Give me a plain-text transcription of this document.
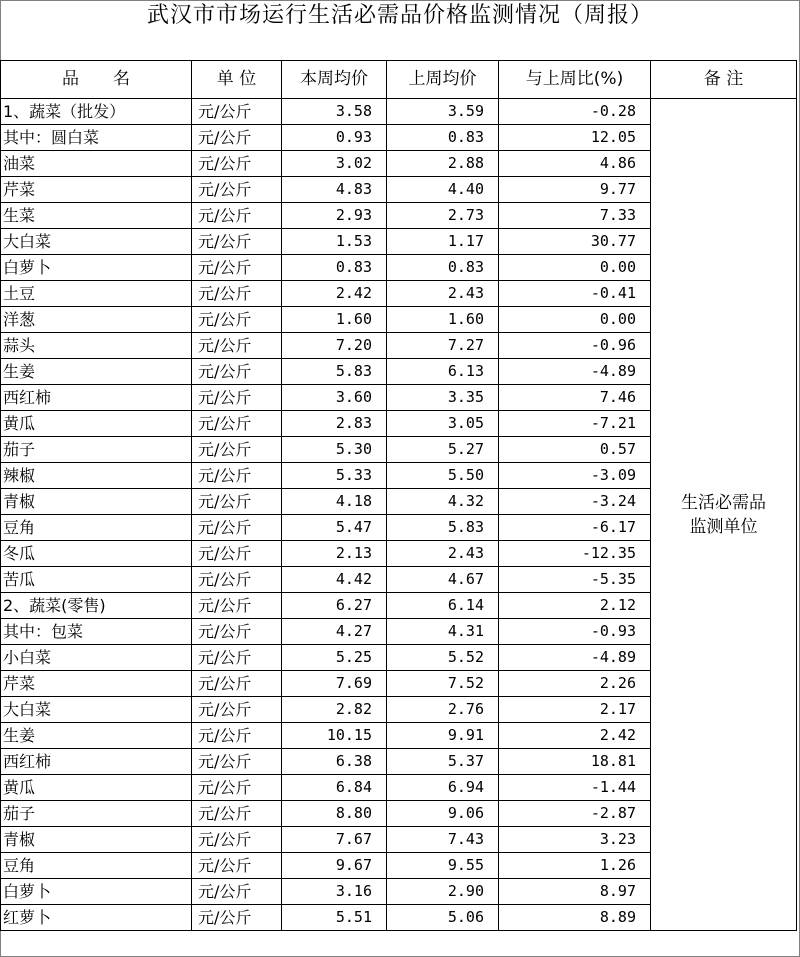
武汉市市场运行生活必需品价格监测情况（周报）
品　　名	单 位	本周均价	上周均价	与上周比(%)	备 注
1、蔬菜（批发）	元/公斤	3.58	3.59	-0.28	生活必需品
监测单位

其中：圆白菜	元/公斤	0.93	0.83	12.05	
油菜	元/公斤	3.02	2.88	4.86	
芹菜	元/公斤	4.83	4.40	9.77	
生菜	元/公斤	2.93	2.73	7.33	
大白菜	元/公斤	1.53	1.17	30.77	
白萝卜	元/公斤	0.83	0.83	0.00	
土豆	元/公斤	2.42	2.43	-0.41	
洋葱	元/公斤	1.60	1.60	0.00	
蒜头	元/公斤	7.20	7.27	-0.96	
生姜	元/公斤	5.83	6.13	-4.89	
西红柿	元/公斤	3.60	3.35	7.46	
黄瓜	元/公斤	2.83	3.05	-7.21	
茄子	元/公斤	5.30	5.27	0.57	
辣椒	元/公斤	5.33	5.50	-3.09	
青椒	元/公斤	4.18	4.32	-3.24	
豆角	元/公斤	5.47	5.83	-6.17	
冬瓜	元/公斤	2.13	2.43	-12.35	
苦瓜	元/公斤	4.42	4.67	-5.35	
2、蔬菜(零售)	元/公斤	6.27	6.14	2.12	
其中：包菜	元/公斤	4.27	4.31	-0.93	
小白菜	元/公斤	5.25	5.52	-4.89	
芹菜	元/公斤	7.69	7.52	2.26	
大白菜	元/公斤	2.82	2.76	2.17	
生姜	元/公斤	10.15	9.91	2.42	
西红柿	元/公斤	6.38	5.37	18.81	
黄瓜	元/公斤	6.84	6.94	-1.44	
茄子	元/公斤	8.80	9.06	-2.87	
青椒	元/公斤	7.67	7.43	3.23	
豆角	元/公斤	9.67	9.55	1.26	
白萝卜	元/公斤	3.16	2.90	8.97	
红萝卜	元/公斤	5.51	5.06	8.89	
